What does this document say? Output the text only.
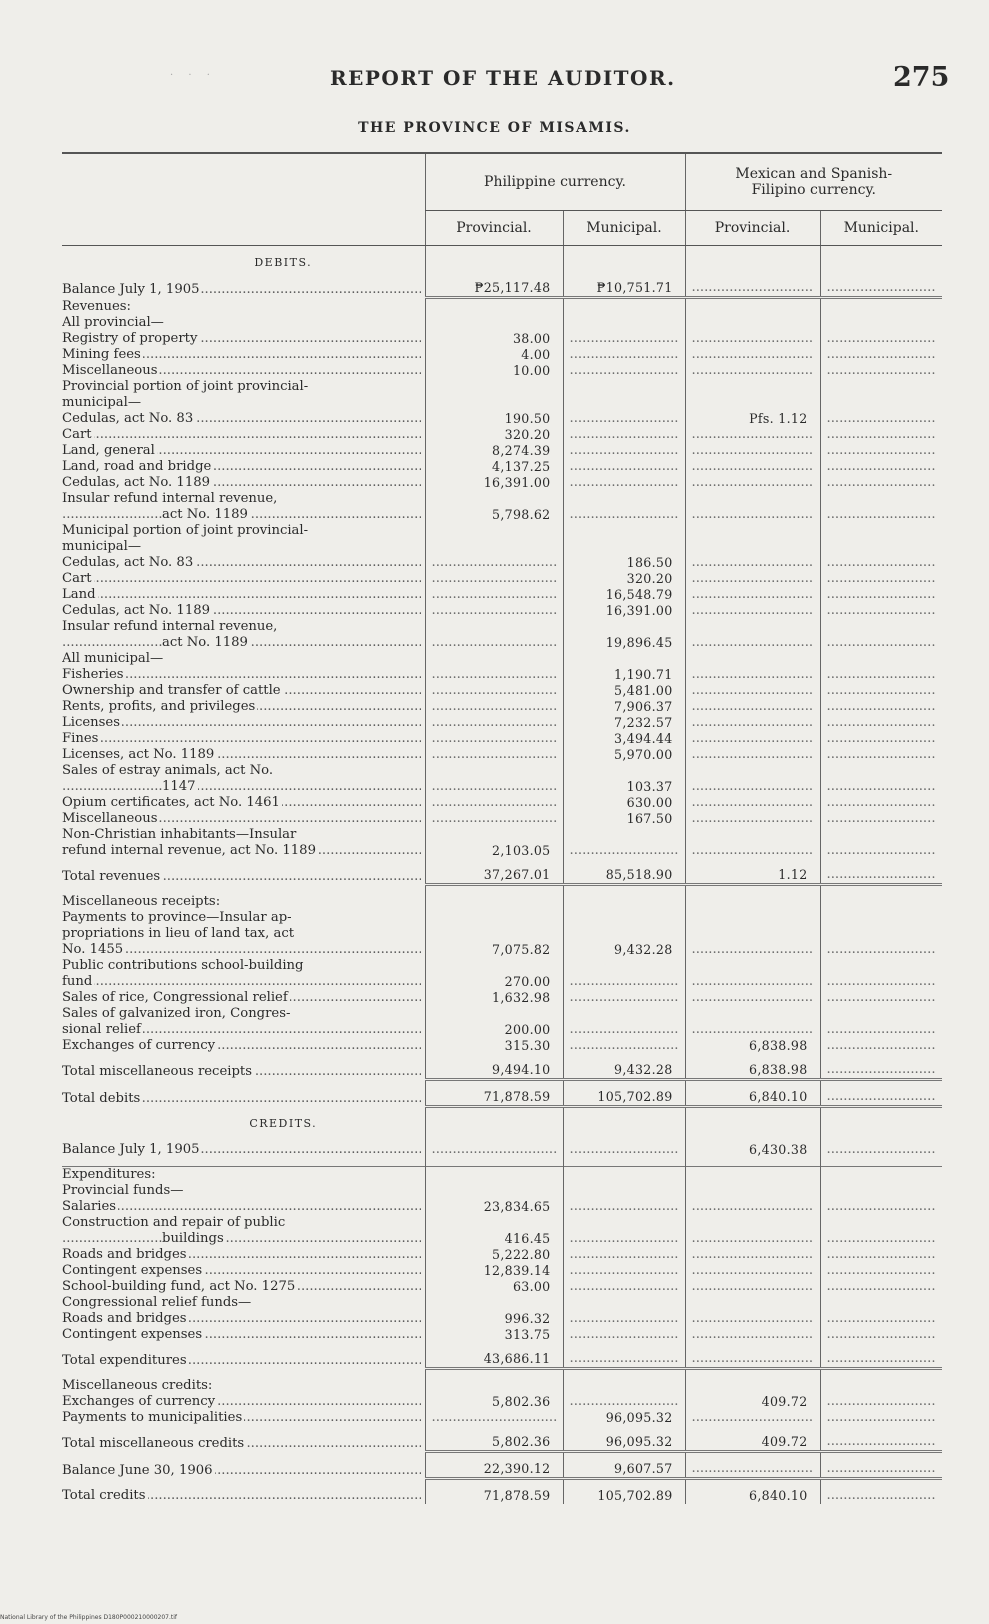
· · ·	REPORT OF THE AUDITOR.	275
THE PROVINCE OF MISAMIS.
	Philippine currency.		Mexican and Spanish-
Filipino currency.	
	Provincial.	Municipal.	Provincial.	Municipal.
DEBITS.				
Balance July 1, 1905 .....	₱25,117.48	₱10,751.71	.....	.....
Revenues:				
All provincial—				
Registry of property .....	38.00	.....	.....	.....
Mining fees .....	4.00	.....	.....	.....
Miscellaneous .....	10.00	.....	.....	.....
Provincial portion of joint provincial-				
municipal—				
Cedulas, act No. 83 .....	190.50	.....	Pfs. 1.12	.....
Cart .....	320.20	.....	.....	.....
Land, general .....	8,274.39	.....	.....	.....
Land, road and bridge .....	4,137.25	.....	.....	.....
Cedulas, act No. 1189 .....	16,391.00	.....	.....	.....
Insular refund internal revenue,				
act No. 1189 .....	5,798.62	.....	.....	.....
Municipal portion of joint provincial-				
municipal—				
Cedulas, act No. 83 .....	.....	186.50	.....	.....
Cart .....	.....	320.20	.....	.....
Land .....	.....	16,548.79	.....	.....
Cedulas, act No. 1189 .....	.....	16,391.00	.....	.....
Insular refund internal revenue,				
act No. 1189 .....	.....	19,896.45	.....	.....
All municipal—				
Fisheries .....	.....	1,190.71	.....	.....
Ownership and transfer of cattle .....	.....	5,481.00	.....	.....
Rents, profits, and privileges .....	.....	7,906.37	.....	.....
Licenses .....	.....	7,232.57	.....	.....
Fines .....	.....	3,494.44	.....	.....
Licenses, act No. 1189 .....	.....	5,970.00	.....	.....
Sales of estray animals, act No.				
1147 .....	.....	103.37	.....	.....
Opium certificates, act No. 1461 .....	.....	630.00	.....	.....
Miscellaneous .....	.....	167.50	.....	.....
Non-Christian inhabitants—Insular				
refund internal revenue, act No. 1189 .....	2,103.05	.....	.....	.....

Total revenues .....	37,267.01	85,518.90	1.12	.....

Miscellaneous receipts:				
Payments to province—Insular ap-				
propriations in lieu of land tax, act				
No. 1455 .....	7,075.82	9,432.28	.....	.....
Public contributions school-building				
fund .....	270.00	.....	.....	.....
Sales of rice, Congressional relief .....	1,632.98	.....	.....	.....
Sales of galvanized iron, Congres-				
sional relief .....	200.00	.....	.....	.....
Exchanges of currency .....	315.30	.....	6,838.98	.....

Total miscellaneous receipts .....	9,494.10	9,432.28	6,838.98	.....

Total debits .....	71,878.59	105,702.89	6,840.10	.....
CREDITS.				
Balance July 1, 1905 .....	.....	.....	6,430.38	.....

Expenditures:				
Provincial funds—				
Salaries .....	23,834.65	.....	.....	.....
Construction and repair of public				
buildings .....	416.45	.....	.....	.....
Roads and bridges .....	5,222.80	.....	.....	.....
Contingent expenses .....	12,839.14	.....	.....	.....
School-building fund, act No. 1275 .....	63.00	.....	.....	.....
Congressional relief funds—				
Roads and bridges .....	996.32	.....	.....	.....
Contingent expenses .....	313.75	.....	.....	.....

Total expenditures .....	43,686.11	.....	.....	.....

Miscellaneous credits:				
Exchanges of currency .....	5,802.36	.....	409.72	.....
Payments to municipalities .....	.....	96,095.32	.....	.....

Total miscellaneous credits .....	5,802.36	96,095.32	409.72	.....

Balance June 30, 1906 .....	22,390.12	9,607.57	.....	.....

Total credits .....	71,878.59	105,702.89	6,840.10	.....
National Library of the Philippines D180P000210000207.tif
